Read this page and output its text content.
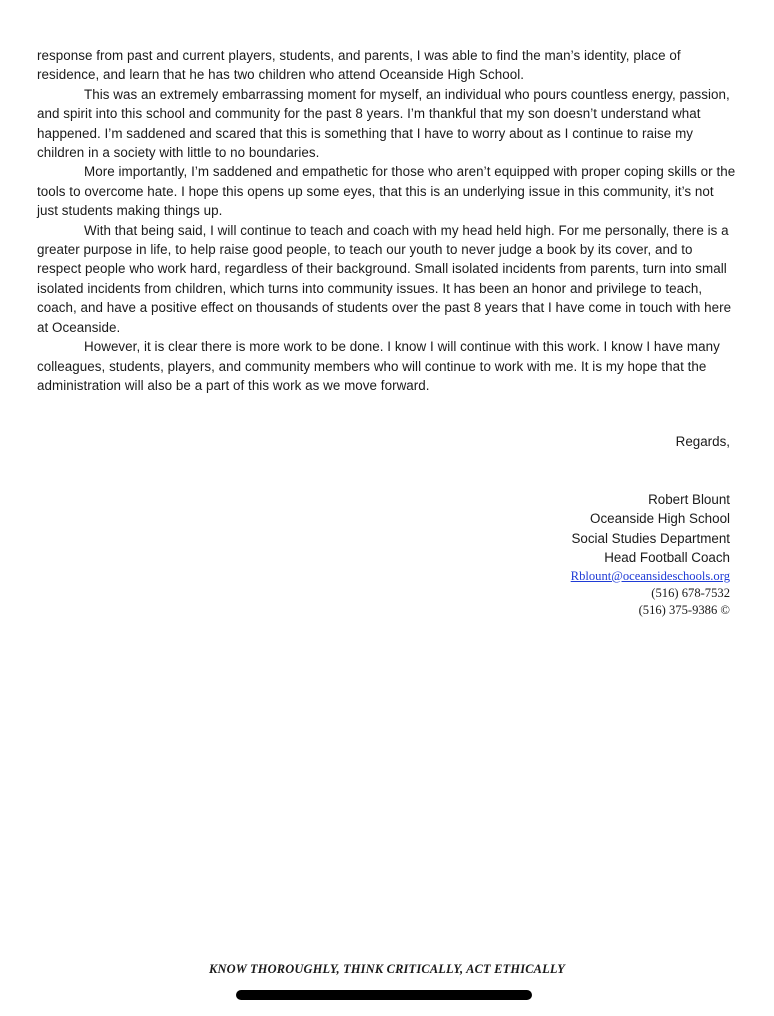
response from past and current players, students, and parents, I was able to find the man’s identity, place of residence, and learn that he has two children who attend Oceanside High School.

This was an extremely embarrassing moment for myself, an individual who pours countless energy, passion, and spirit into this school and community for the past 8 years. I’m thankful that my son doesn’t understand what happened. I’m saddened and scared that this is something that I have to worry about as I continue to raise my children in a society with little to no boundaries.

More importantly, I’m saddened and empathetic for those who aren’t equipped with proper coping skills or the tools to overcome hate. I hope this opens up some eyes, that this is an underlying issue in this community, it’s not just students making things up.

With that being said, I will continue to teach and coach with my head held high. For me personally, there is a greater purpose in life, to help raise good people, to teach our youth to never judge a book by its cover, and to respect people who work hard, regardless of their background. Small isolated incidents from parents, turn into small isolated incidents from children, which turns into community issues. It has been an honor and privilege to teach, coach, and have a positive effect on thousands of students over the past 8 years that I have come in touch with here at Oceanside.

However, it is clear there is more work to be done. I know I will continue with this work. I know I have many colleagues, students, players, and community members who will continue to work with me. It is my hope that the administration will also be a part of this work as we move forward.

Regards,
Robert Blount
Oceanside High School
Social Studies Department
Head Football Coach
Rblount@oceansideschools.org
(516) 678-7532
(516) 375-9386 ©
KNOW THOROUGHLY, THINK CRITICALLY, ACT ETHICALLY
